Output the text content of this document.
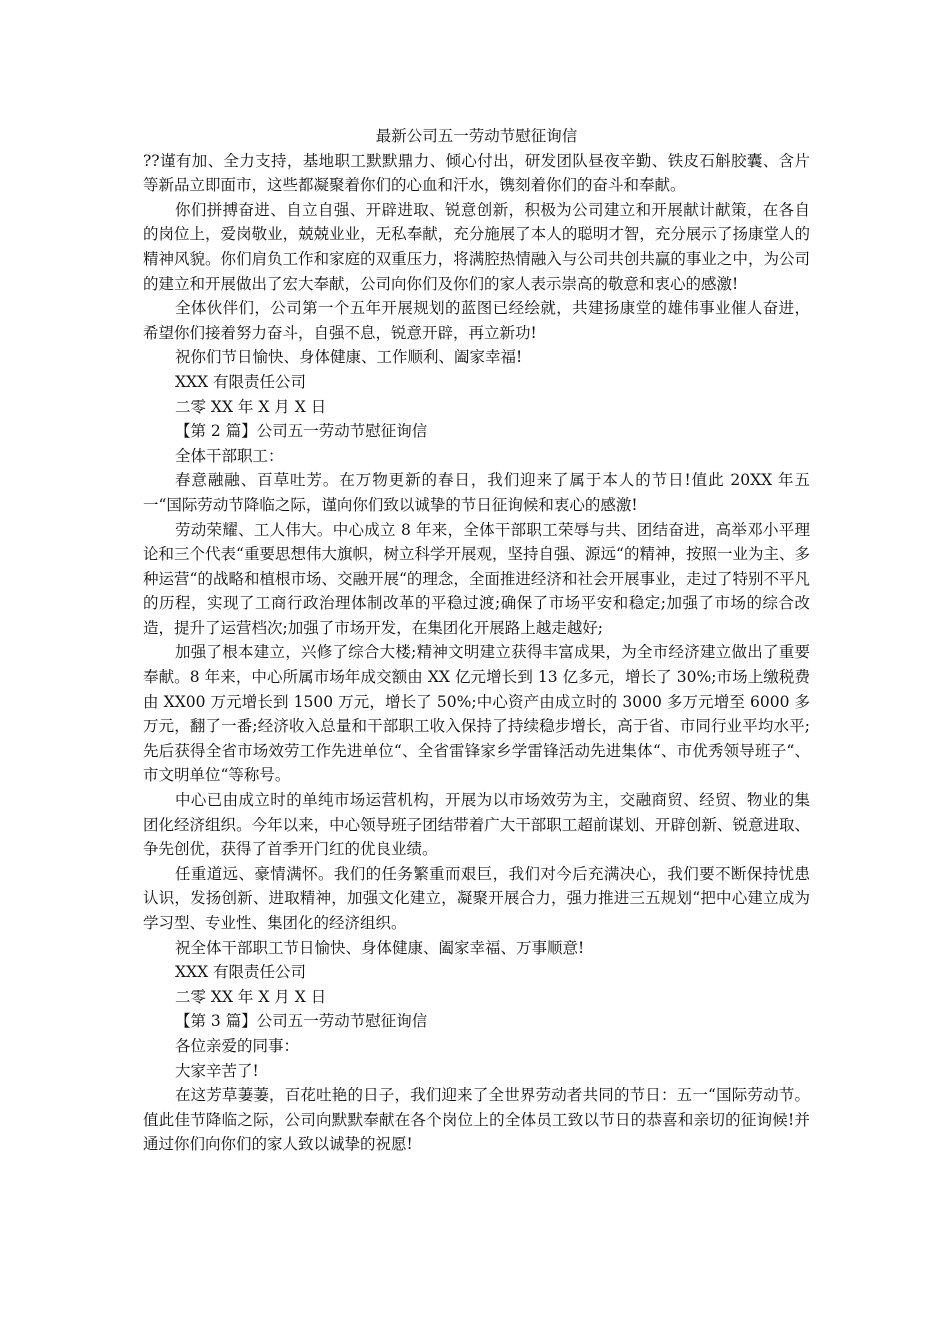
最新公司五一劳动节慰征询信

??谨有加、全力支持，基地职工默默鼎力、倾心付出，研发团队昼夜辛勤、铁皮石斛胶囊、含片等新品立即面市，这些都凝聚着你们的心血和汗水，镌刻着你们的奋斗和奉献。

你们拼搏奋进、自立自强、开辟进取、锐意创新，积极为公司建立和开展献计献策，在各自的岗位上，爱岗敬业，兢兢业业，无私奉献，充分施展了本人的聪明才智，充分展示了扬康堂人的精神风貌。你们肩负工作和家庭的双重压力，将满腔热情融入与公司共创共赢的事业之中，为公司的建立和开展做出了宏大奉献，公司向你们及你们的家人表示崇高的敬意和衷心的感激!

全体伙伴们，公司第一个五年开展规划的蓝图已经绘就，共建扬康堂的雄伟事业催人奋进，希望你们接着努力奋斗，自强不息，锐意开辟，再立新功!

祝你们节日愉快、身体健康、工作顺利、阖家幸福!

XXX 有限责任公司

二零 XX 年 X 月 X 日

【第 2 篇】公司五一劳动节慰征询信

全体干部职工：

春意融融、百草吐芳。在万物更新的春日，我们迎来了属于本人的节日!值此 20XX 年五一“国际劳动节降临之际，谨向你们致以诚挚的节日征询候和衷心的感激!

劳动荣耀、工人伟大。中心成立 8 年来，全体干部职工荣辱与共、团结奋进，高举邓小平理论和三个代表“重要思想伟大旗帜，树立科学开展观，坚持自强、源远“的精神，按照一业为主、多种运营“的战略和植根市场、交融开展“的理念，全面推进经济和社会开展事业，走过了特别不平凡的历程，实现了工商行政治理体制改革的平稳过渡;确保了市场平安和稳定;加强了市场的综合改造，提升了运营档次;加强了市场开发，在集团化开展路上越走越好;

加强了根本建立，兴修了综合大楼;精神文明建立获得丰富成果，为全市经济建立做出了重要奉献。8 年来，中心所属市场年成交额由 XX 亿元增长到 13 亿多元，增长了 30%;市场上缴税费由 XX00 万元增长到 1500 万元，增长了 50%;中心资产由成立时的 3000 多万元增至 6000 多万元，翻了一番;经济收入总量和干部职工收入保持了持续稳步增长，高于省、市同行业平均水平;先后获得全省市场效劳工作先进单位“、全省雷锋家乡学雷锋活动先进集体“、市优秀领导班子“、市文明单位“等称号。

中心已由成立时的单纯市场运营机构，开展为以市场效劳为主，交融商贸、经贸、物业的集团化经济组织。今年以来，中心领导班子团结带着广大干部职工超前谋划、开辟创新、锐意进取、争先创优，获得了首季开门红的优良业绩。

任重道远、豪情满怀。我们的任务繁重而艰巨，我们对今后充满决心，我们要不断保持忧患认识，发扬创新、进取精神，加强文化建立，凝聚开展合力，强力推进三五规划“把中心建立成为学习型、专业性、集团化的经济组织。

祝全体干部职工节日愉快、身体健康、阖家幸福、万事顺意!

XXX 有限责任公司

二零 XX 年 X 月 X 日

【第 3 篇】公司五一劳动节慰征询信

各位亲爱的同事：

大家辛苦了!

在这芳草萋萋，百花吐艳的日子，我们迎来了全世界劳动者共同的节日：五一“国际劳动节。值此佳节降临之际，公司向默默奉献在各个岗位上的全体员工致以节日的恭喜和亲切的征询候!并通过你们向你们的家人致以诚挚的祝愿!
